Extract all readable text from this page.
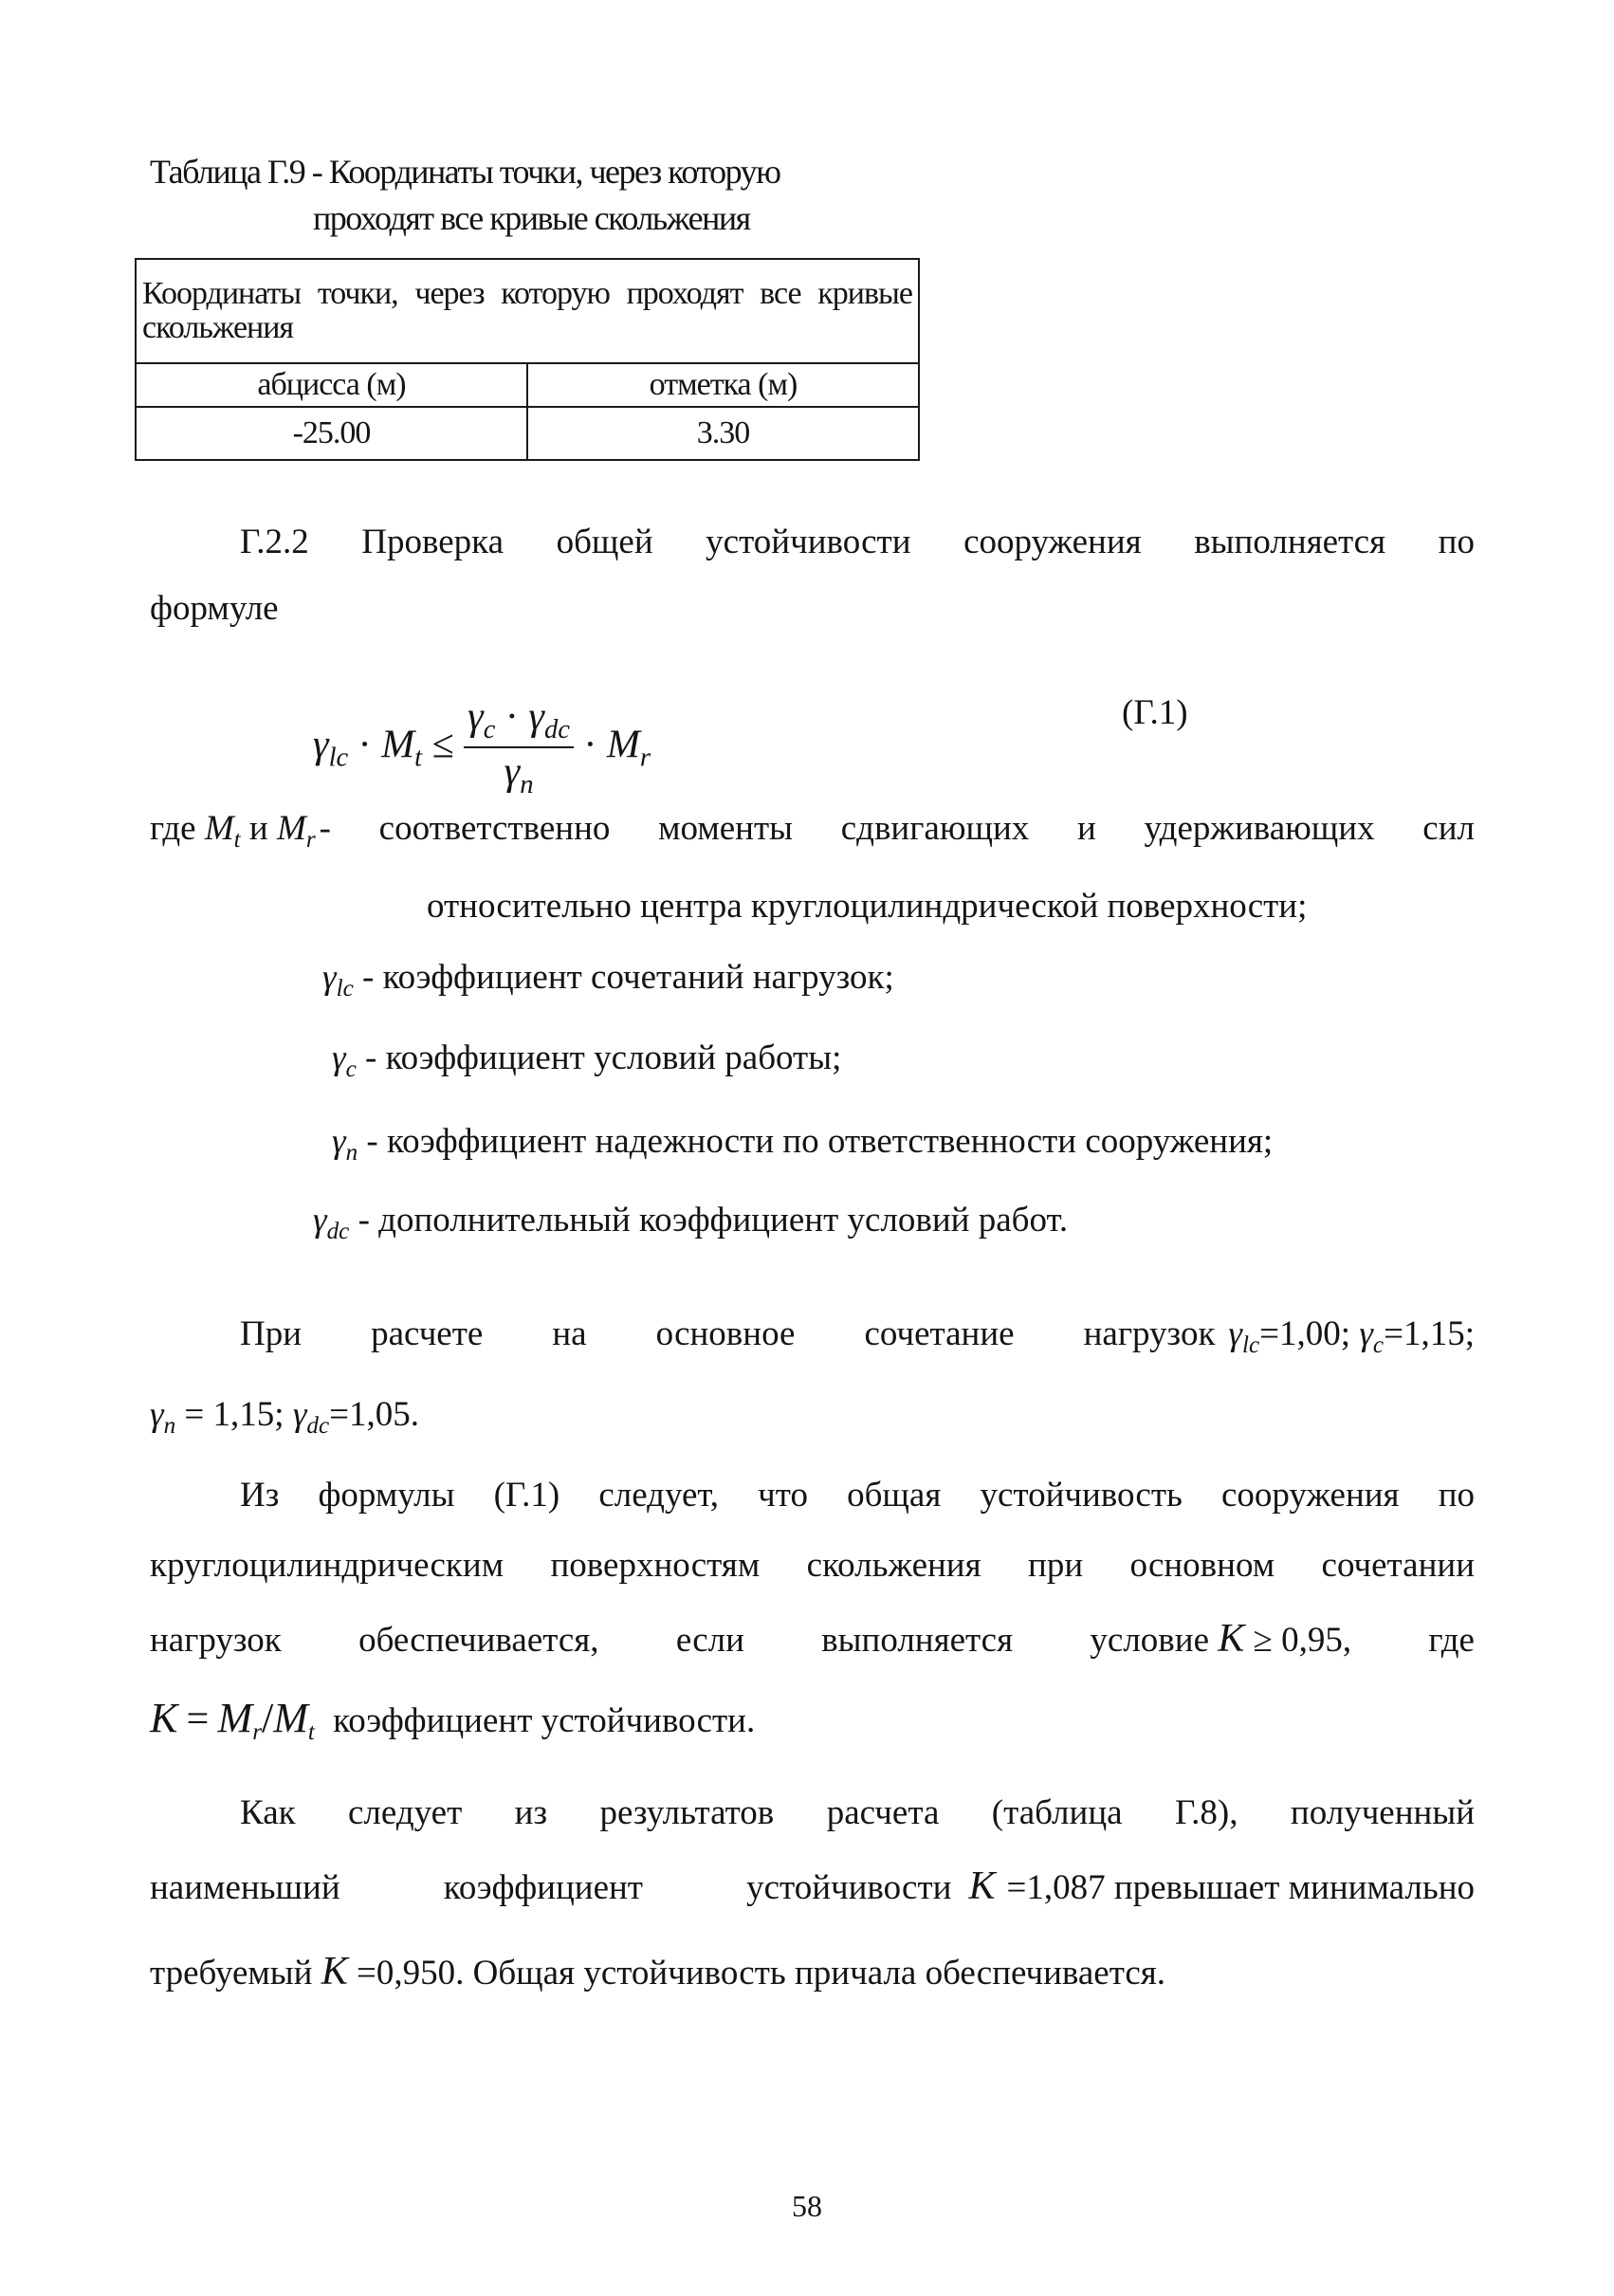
Таблица Г.9 - Координаты точки, через которую
проходят все кривые скольжения
Координаты точки, через которую проходят все кривые скольжения	
абцисса (м)	отметка (м)
-25.00	3.30
Г.2.2 Проверка общей устойчивости сооружения выполняется по
формуле
$\gamma_{lc} \cdot M_t \le \frac{\gamma_c \cdot \gamma_{dc}}{\gamma_n} \cdot M_r$
(Г.1)
где $M_t$ и $M_r$ - соответственно моменты сдвигающих и удерживающих сил
относительно центра круглоцилиндрической поверхности;
$\gamma_{lc}$ - коэффициент сочетаний нагрузок;
$\gamma_c$ - коэффициент условий работы;
$\gamma_n$ - коэффициент надежности по ответственности сооружения;
$\gamma_{dc}$ - дополнительный коэффициент условий работ.
При расчете на основное сочетание нагрузок $\gamma_{lc}=1,00$; $\gamma_c=1,15$;
$\gamma_n = 1,15$; $\gamma_{dc}=1,05$.
Из формулы (Г.1) следует, что общая устойчивость сооружения по
круглоцилиндрическим поверхностям скольжения при основном сочетании
нагрузок обеспечивается, если выполняется условие K ≥ 0,95, где
$K = M_r/M_t$ коэффициент устойчивости.
Как следует из результатов расчета (таблица Г.8), полученный
наименьший коэффициент устойчивости K =1,087 превышает минимально
требуемый K =0,950. Общая устойчивость причала обеспечивается.
58
